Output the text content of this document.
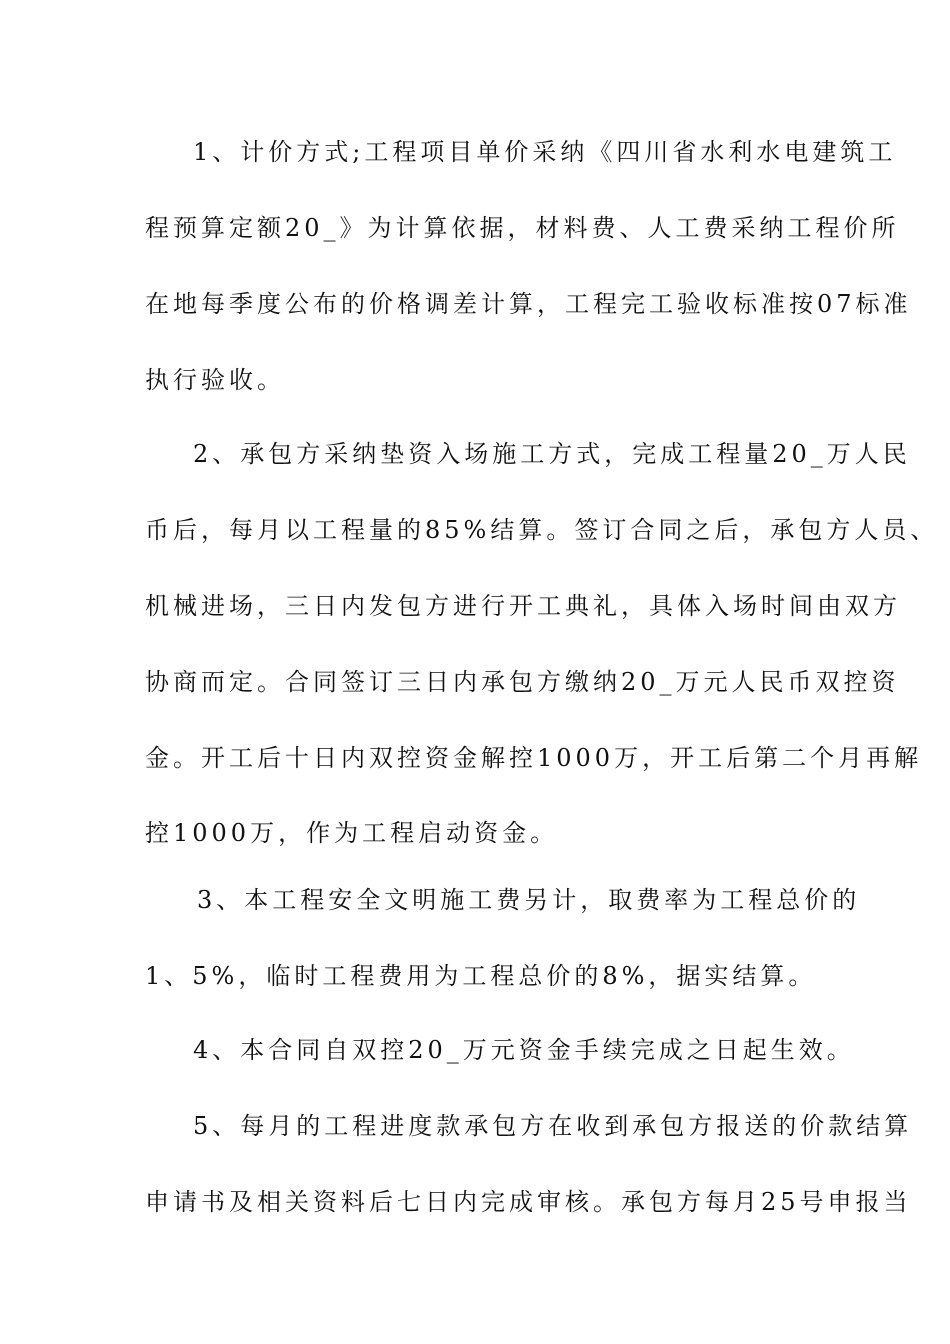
1、计价方式;工程项目单价采纳《四川省水利水电建筑工
程预算定额20_》为计算依据，材料费、人工费采纳工程价所
在地每季度公布的价格调差计算，工程完工验收标准按07标准
执行验收。
2、承包方采纳垫资入场施工方式，完成工程量20_万人民
币后，每月以工程量的85%结算。签订合同之后，承包方人员、
机械进场，三日内发包方进行开工典礼，具体入场时间由双方
协商而定。合同签订三日内承包方缴纳20_万元人民币双控资
金。开工后十日内双控资金解控1000万，开工后第二个月再解
控1000万，作为工程启动资金。
3、本工程安全文明施工费另计，取费率为工程总价的
1、5%，临时工程费用为工程总价的8%，据实结算。
4、本合同自双控20_万元资金手续完成之日起生效。
5、每月的工程进度款承包方在收到承包方报送的价款结算
申请书及相关资料后七日内完成审核。承包方每月25号申报当
